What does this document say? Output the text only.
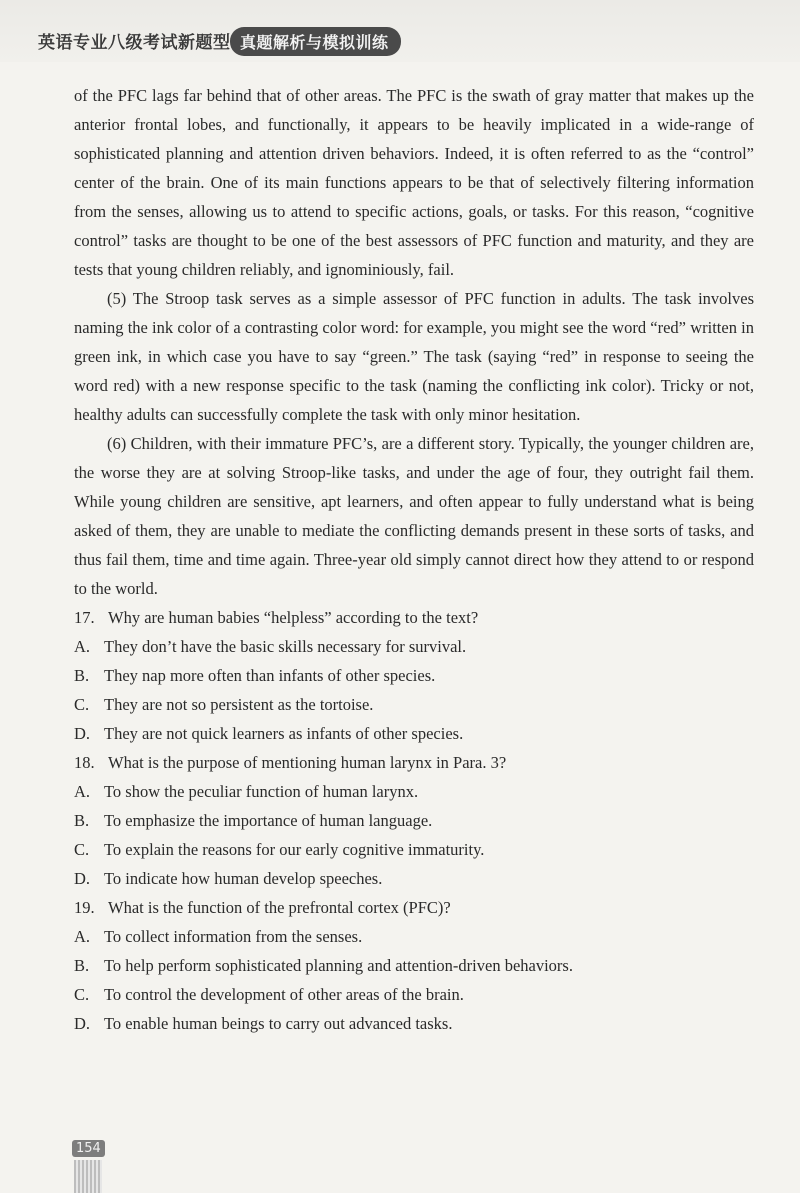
英语专业八级考试新题型 真题解析与模拟训练

of the PFC lags far behind that of other areas. The PFC is the swath of gray matter that makes up the anterior frontal lobes, and functionally, it appears to be heavily implicated in a wide-range of sophisticated planning and attention driven behaviors. Indeed, it is often referred to as the “control” center of the brain. One of its main functions appears to be that of selectively filtering information from the senses, allowing us to attend to specific actions, goals, or tasks. For this reason, “cognitive control” tasks are thought to be one of the best assessors of PFC function and maturity, and they are tests that young children reliably, and ignominiously, fail.

(5) The Stroop task serves as a simple assessor of PFC function in adults. The task involves naming the ink color of a contrasting color word: for example, you might see the word “red” written in green ink, in which case you have to say “green.” The task (saying “red” in response to seeing the word red) with a new response specific to the task (naming the conflicting ink color). Tricky or not, healthy adults can successfully complete the task with only minor hesitation.

(6) Children, with their immature PFC’s, are a different story. Typically, the younger children are, the worse they are at solving Stroop-like tasks, and under the age of four, they outright fail them. While young children are sensitive, apt learners, and often appear to fully understand what is being asked of them, they are unable to mediate the conflicting demands present in these sorts of tasks, and thus fail them, time and time again. Three-year old simply cannot direct how they attend to or respond to the world.

17. Why are human babies “helpless” according to the text?

A. They don’t have the basic skills necessary for survival.

B. They nap more often than infants of other species.

C. They are not so persistent as the tortoise.

D. They are not quick learners as infants of other species.

18. What is the purpose of mentioning human larynx in Para. 3?

A. To show the peculiar function of human larynx.

B. To emphasize the importance of human language.

C. To explain the reasons for our early cognitive immaturity.

D. To indicate how human develop speeches.

19. What is the function of the prefrontal cortex (PFC)?

A. To collect information from the senses.

B. To help perform sophisticated planning and attention-driven behaviors.

C. To control the development of other areas of the brain.

D. To enable human beings to carry out advanced tasks.

154
